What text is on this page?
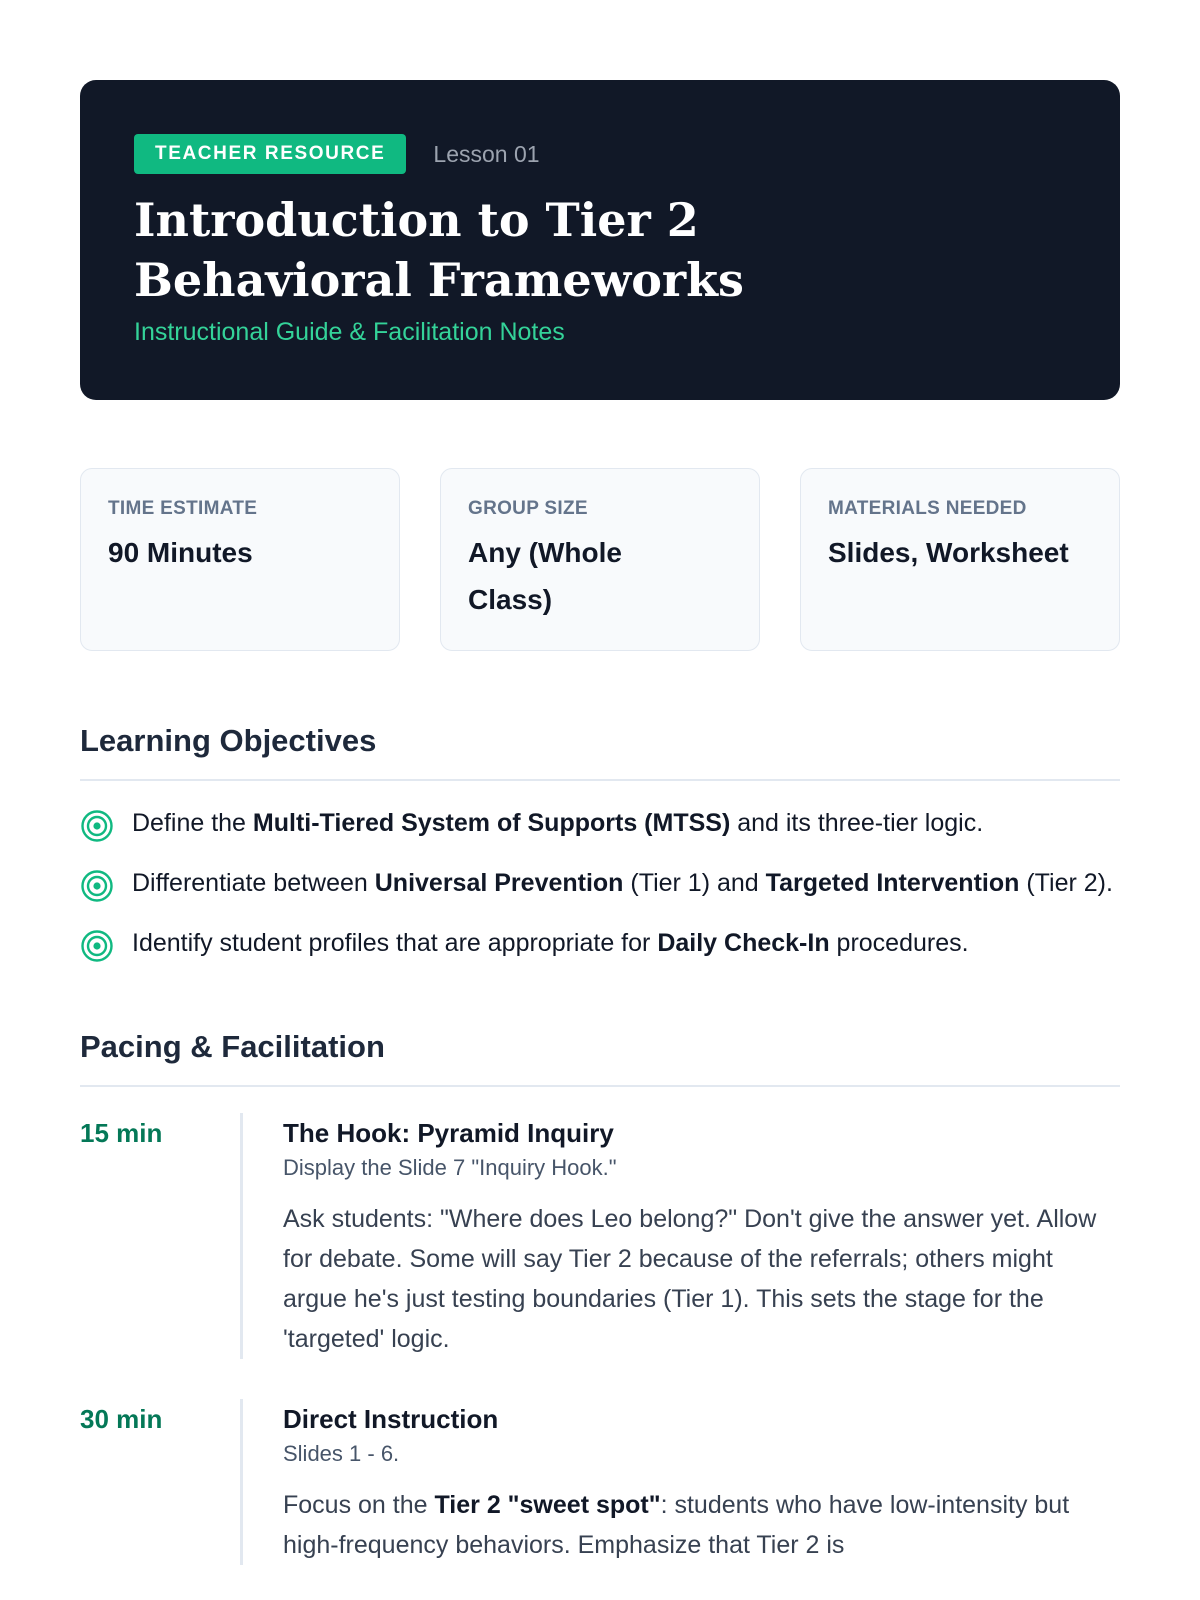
TEACHER RESOURCE	Lesson 01
Introduction to Tier 2 Behavioral Frameworks
Instructional Guide & Facilitation Notes
TIME ESTIMATE
90 Minutes
GROUP SIZE
Any (Whole Class)
MATERIALS NEEDED
Slides, Worksheet
Learning Objectives
Define the Multi-Tiered System of Supports (MTSS) and its three-tier logic.
Differentiate between Universal Prevention (Tier 1) and Targeted Intervention (Tier 2).
Identify student profiles that are appropriate for Daily Check-In procedures.
Pacing & Facilitation
15 min	The Hook: Pyramid Inquiry
Display the Slide 7 "Inquiry Hook."
Ask students: "Where does Leo belong?" Don't give the answer yet. Allow for debate. Some will say Tier 2 because of the referrals; others might argue he's just testing boundaries (Tier 1). This sets the stage for the 'targeted' logic.
30 min	Direct Instruction
Slides 1 - 6.
Focus on the Tier 2 "sweet spot": students who have low-intensity but high-frequency behaviors. Emphasize that Tier 2 is
